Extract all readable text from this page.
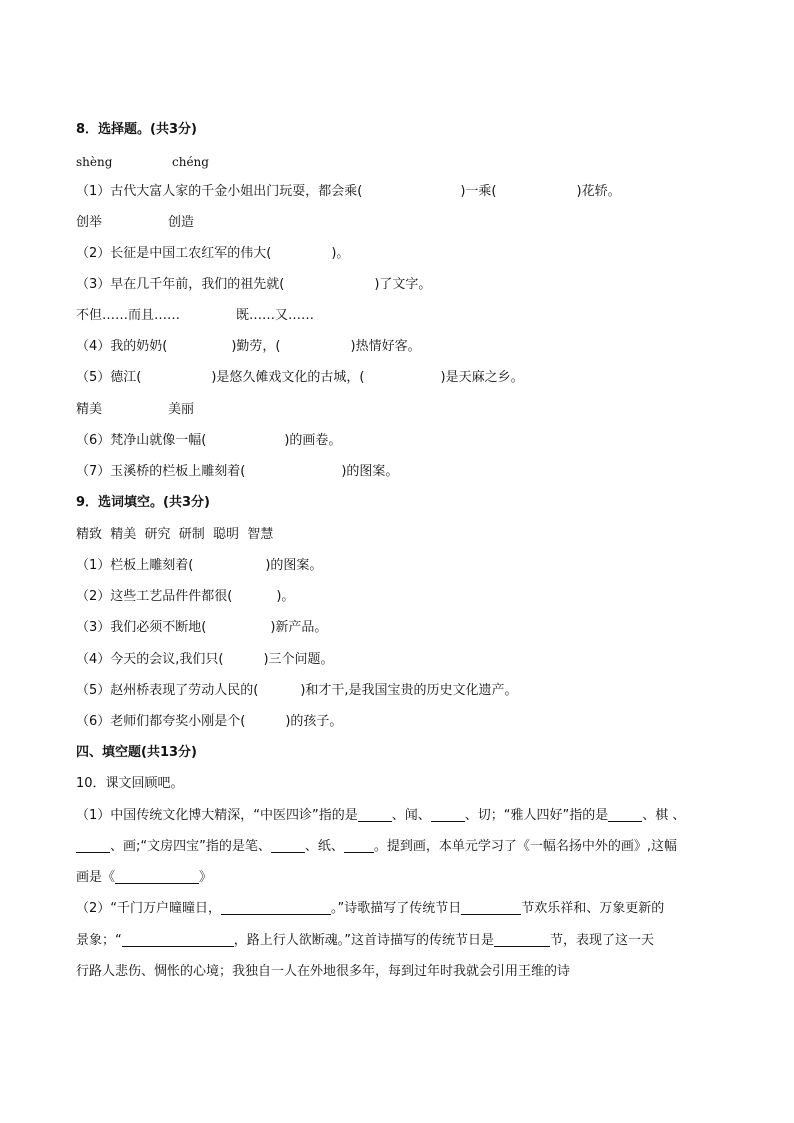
8．选择题。(共3分)
shèng	chéng
（1）古代大富人家的千金小姐出门玩耍，都会乘(	)一乘(	)花轿。
创举	创造
（2）长征是中国工农红军的伟大(	)。
（3）早在几千年前，我们的祖先就(	)了文字。
不但……而且……	既……又……
（4）我的奶奶(	)勤劳，(	)热情好客。
（5）德江(	)是悠久傩戏文化的古城，(	)是天麻之乡。
精美	美丽
（6）梵净山就像一幅(	)的画卷。
（7）玉溪桥的栏板上雕刻着(	)的图案。
9．选词填空。(共3分)
精致  精美  研究  研制  聪明  智慧
（1）栏板上雕刻着(	)的图案。
（2）这些工艺品件件都很(	)。
（3）我们必须不断地(	)新产品。
（4）今天的会议,我们只(	)三个问题。
（5）赵州桥表现了劳动人民的(	)和才干,是我国宝贵的历史文化遗产。
（6）老师们都夸奖小刚是个(	)的孩子。
四、填空题(共13分)
10．课文回顾吧。
（1）中国传统文化博大精深，“中医四诊”指的是	、闻、	、切；“雅人四好”指的是	、棋 、
、画;“文房四宝”指的是笔、	、纸、 。提到画，本单元学习了《一幅名扬中外的画》,这幅
画是《	》
（2）“千门万户曈曈日，	。”诗歌描写了传统节日	节欢乐祥和、万象更新的
景象；“	，路上行人欲断魂。”这首诗描写的传统节日是	节，表现了这一天
行路人悲伤、惆怅的心境；我独自一人在外地很多年，每到过年时我就会引用王维的诗
